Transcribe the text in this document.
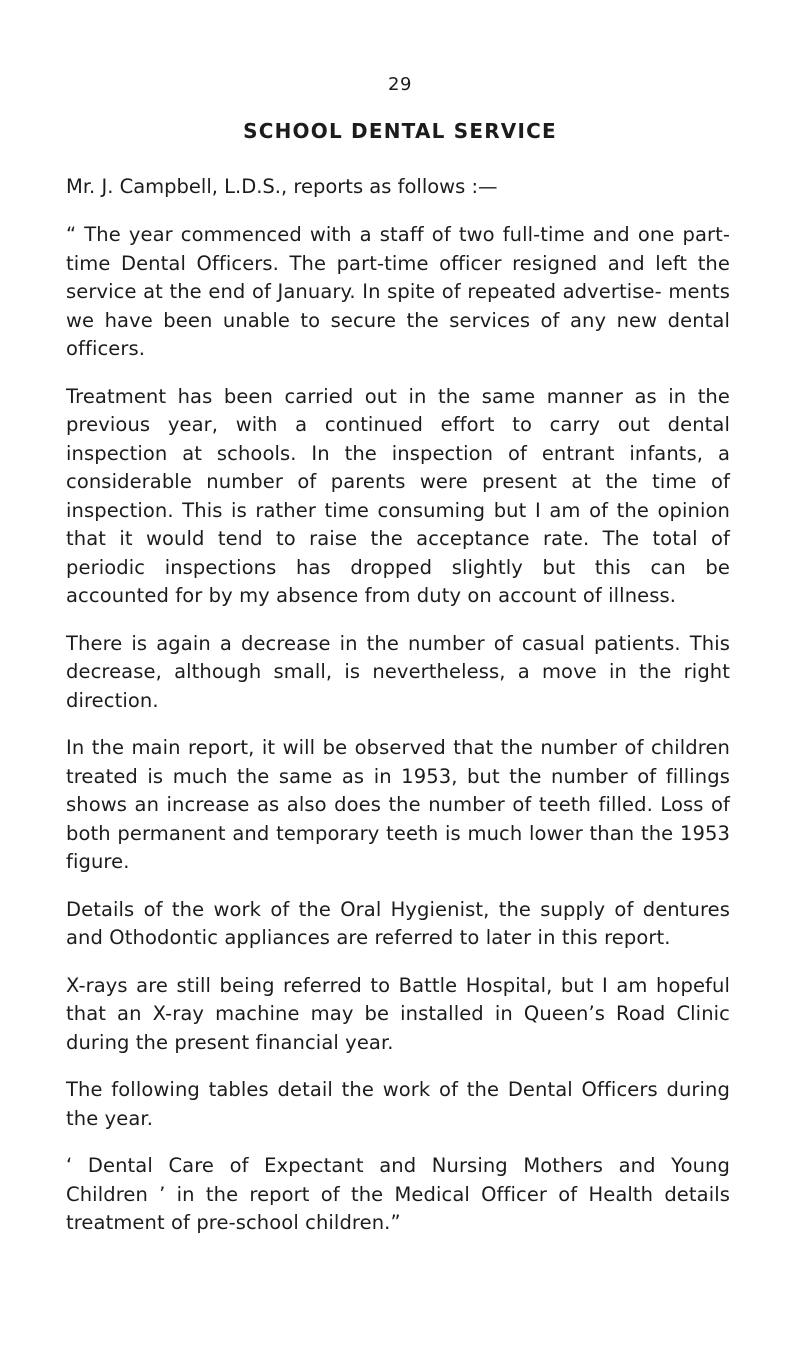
29
SCHOOL DENTAL SERVICE

Mr. J. Campbell, L.D.S., reports as follows :—

“ The year commenced with a staff of two full-time and one part-time Dental Officers. The part-time officer resigned and left the service at the end of January. In spite of repeated advertise- ments we have been unable to secure the services of any new dental officers.

Treatment has been carried out in the same manner as in the previous year, with a continued effort to carry out dental inspection at schools. In the inspection of entrant infants, a considerable number of parents were present at the time of inspection. This is rather time consuming but I am of the opinion that it would tend to raise the acceptance rate. The total of periodic inspections has dropped slightly but this can be accounted for by my absence from duty on account of illness.

There is again a decrease in the number of casual patients. This decrease, although small, is nevertheless, a move in the right direction.

In the main report, it will be observed that the number of children treated is much the same as in 1953, but the number of fillings shows an increase as also does the number of teeth filled. Loss of both permanent and temporary teeth is much lower than the 1953 figure.

Details of the work of the Oral Hygienist, the supply of dentures and Othodontic appliances are referred to later in this report.

X-rays are still being referred to Battle Hospital, but I am hopeful that an X-ray machine may be installed in Queen’s Road Clinic during the present financial year.

The following tables detail the work of the Dental Officers during the year.

‘ Dental Care of Expectant and Nursing Mothers and Young Children ’ in the report of the Medical Officer of Health details treatment of pre-school children.”
